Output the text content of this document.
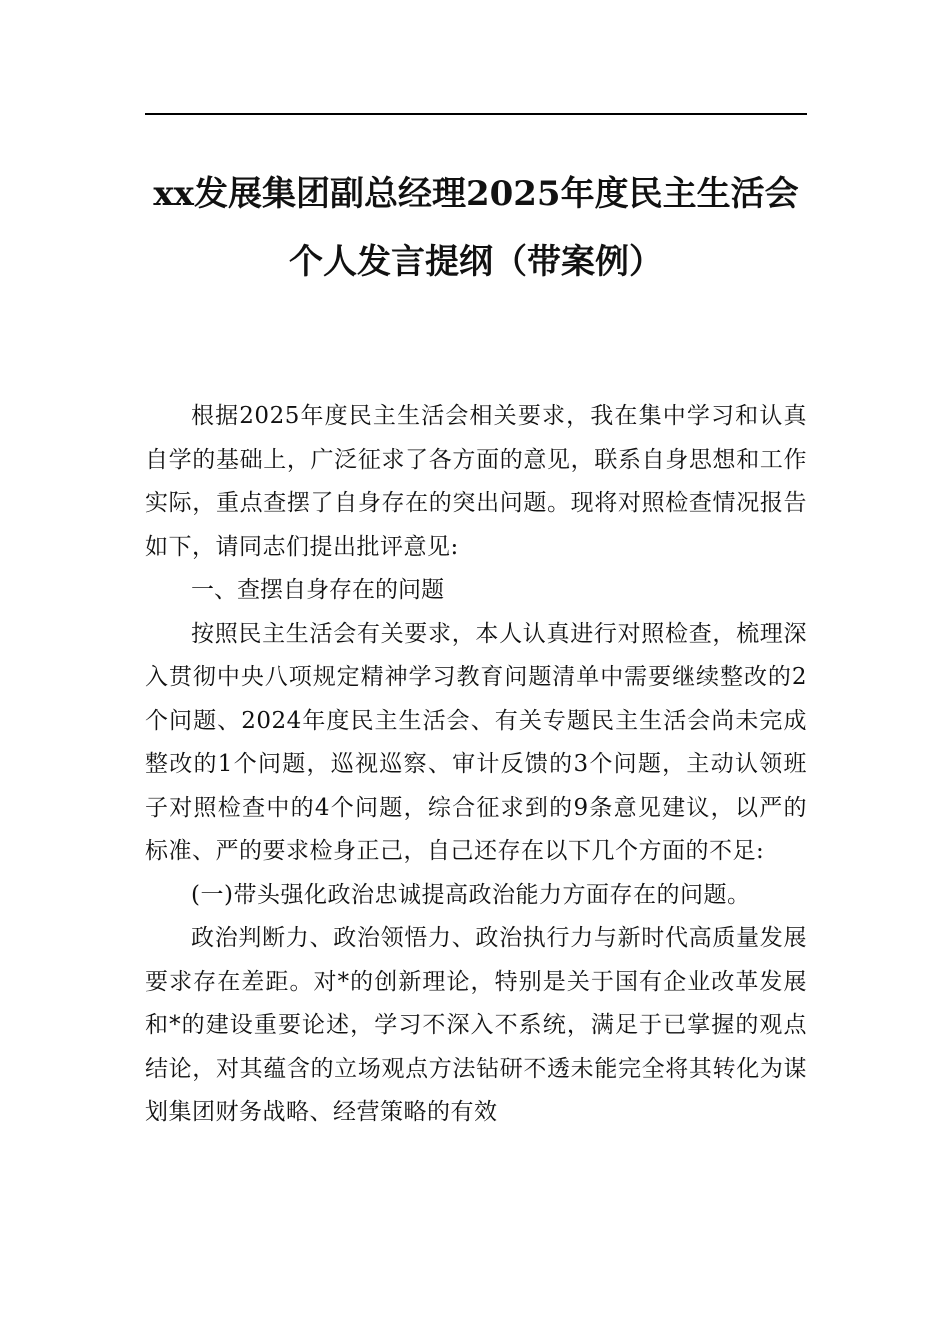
xx发展集团副总经理2025年度民主生活会
个人发言提纲（带案例）

根据2025年度民主生活会相关要求，我在集中学习和认真自学的基础上，广泛征求了各方面的意见，联系自身思想和工作实际，重点查摆了自身存在的突出问题。现将对照检查情况报告如下，请同志们提出批评意见:

一、查摆自身存在的问题

按照民主生活会有关要求，本人认真进行对照检查，梳理深入贯彻中央八项规定精神学习教育问题清单中需要继续整改的2个问题、2024年度民主生活会、有关专题民主生活会尚未完成整改的1个问题，巡视巡察、审计反馈的3个问题，主动认领班子对照检查中的4个问题，综合征求到的9条意见建议，以严的标准、严的要求检身正己，自己还存在以下几个方面的不足:

(一)带头强化政治忠诚提高政治能力方面存在的问题。

政治判断力、政治领悟力、政治执行力与新时代高质量发展要求存在差距。对*的创新理论，特别是关于国有企业改革发展和*的建设重要论述，学习不深入不系统，满足于已掌握的观点结论，对其蕴含的立场观点方法钻研不透未能完全将其转化为谋划集团财务战略、经营策略的有效
